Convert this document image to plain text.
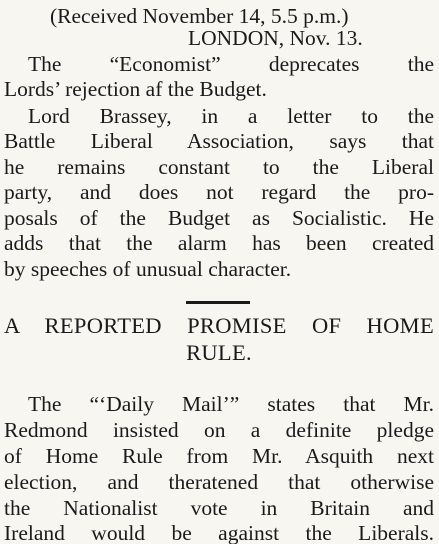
(Received November 14, 5.5 p.m.)
LONDON, Nov. 13.
The “Economist” deprecates the
Lords’ rejection af the Budget.
Lord Brassey, in a letter to the
Battle Liberal Association, says that
he remains constant to the Liberal
party, and does not regard the pro-
posals of the Budget as Socialistic. He
adds that the alarm has been created
by speeches of unusual character.
A REPORTED PROMISE OF HOME
RULE.
The “‘Daily Mail’” states that Mr.
Redmond insisted on a definite pledge
of Home Rule from Mr. Asquith next
election, and theratened that otherwise
the Nationalist vote in Britain and
Ireland would be against the Liberals.
